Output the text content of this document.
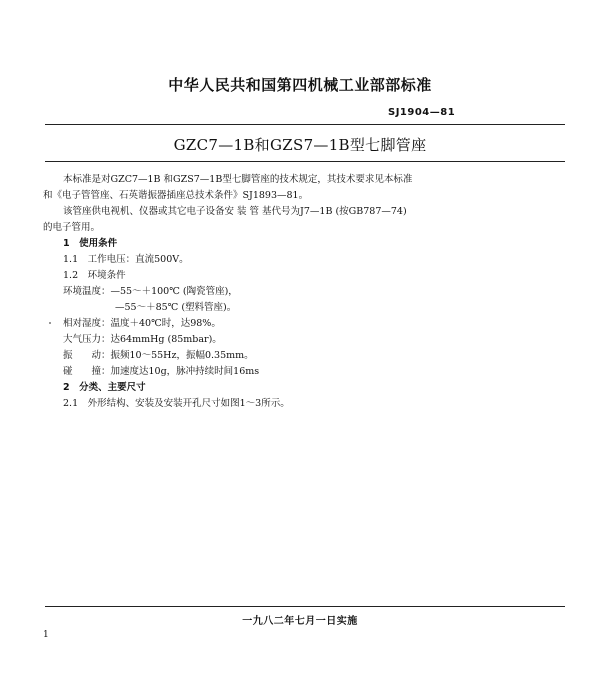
中华人民共和国第四机械工业部部标准
SJ1904—81
GZC7—1B和GZS7—1B型七脚管座
本标准是对GZC7—1B 和GZS7—1B型七脚管座的技术规定，其技术要求见本标准
和《电子管管座、石英谐振器插座总技术条件》SJ1893—81。
该管座供电视机、仪器或其它电子设备安 装 管 基代号为J7—1B (按GB787—74)
的电子管用。
1　使用条件
1.1　工作电压：直流500V。
1.2　环境条件
环境温度：—55～＋100℃ (陶瓷管座)，
—55～＋85℃ (塑料管座)。
相对湿度：温度＋40℃时，达98%。
大气压力：达64mmHg (85mbar)。
振　　动：振频10～55Hz，振幅0.35mm。
碰　　撞：加速度达10g，脉冲持续时间16ms
2　分类、主要尺寸
2.1　外形结构、安装及安装开孔尺寸如图1～3所示。
一九八二年七月一日实施
1
